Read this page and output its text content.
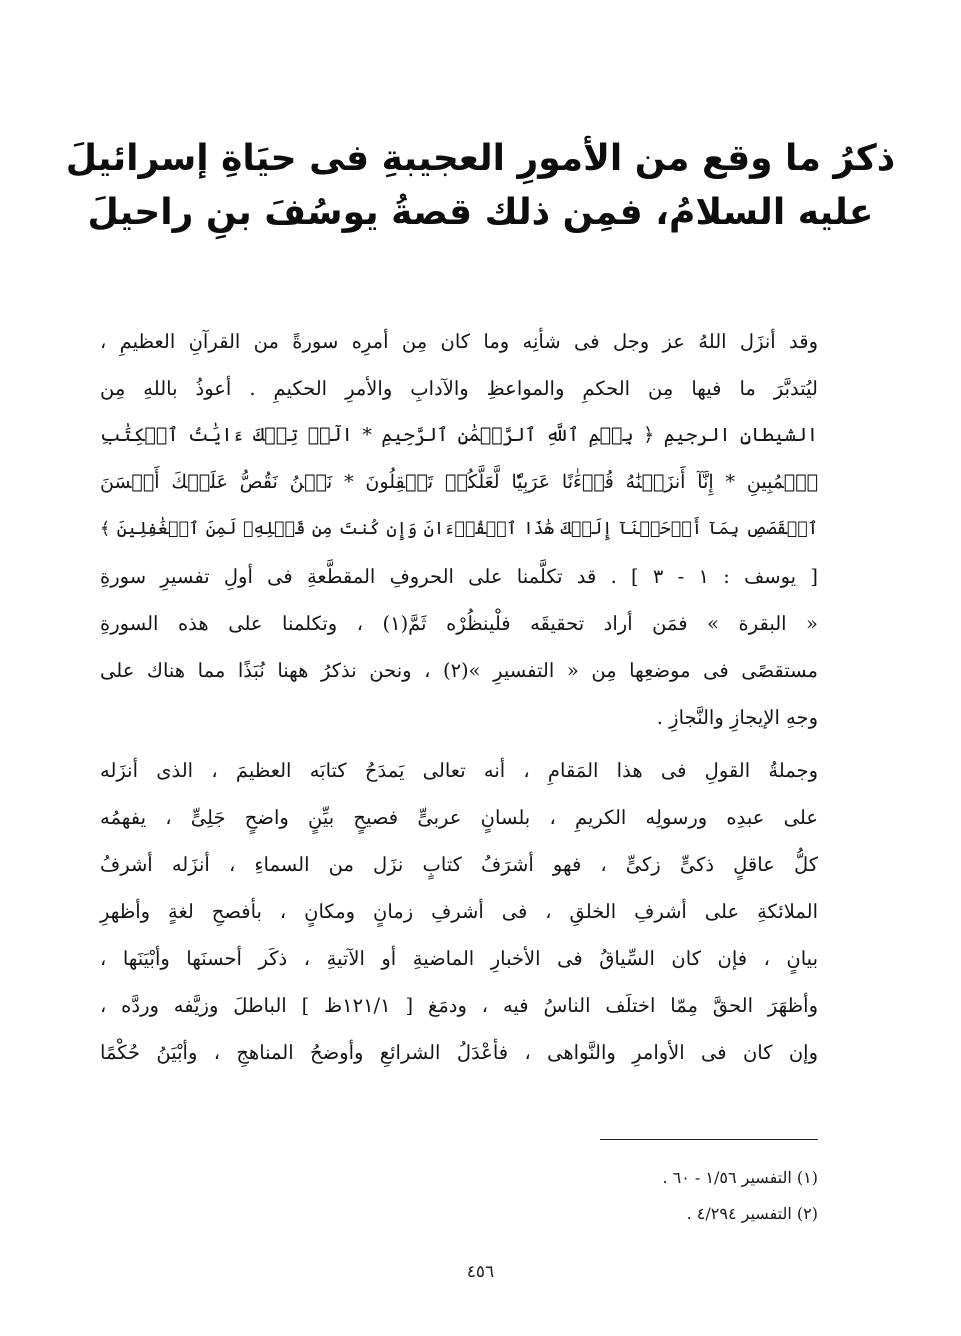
ذكرُ ما وقع من الأمورِ العجيبةِ فى حيَاةِ إسرائيلَ
عليه السلامُ، فمِن ذلك قصةُ يوسُفَ بنِ راحيلَ
وقد أنزَل اللهُ عز وجل فى شأنِه وما كان مِن أمرِه سورةً من القرآنِ العظيمِ ،
ليُتدبَّرَ ما فيها مِن الحكمِ والمواعظِ والآدابِ والأمرِ الحكيمِ . أعوذُ باللهِ مِن
الشيطانِ الرجيمِ ﴿ بِسۡمِ ٱللَّهِ ٱلرَّحۡمَٰنِ ٱلرَّحِيمِ * الٓرۚ تِلۡكَ ءَايَٰتُ ٱلۡكِتَٰبِ
ٱلۡمُبِينِ * إِنَّآ أَنزَلۡنَٰهُ قُرۡءَٰنًا عَرَبِيّٗا لَّعَلَّكُمۡ تَعۡقِلُونَ * نَحۡنُ نَقُصُّ عَلَيۡكَ أَحۡسَنَ
ٱلۡقَصَصِ بِمَآ أَوۡحَيۡنَآ إِلَيۡكَ هَٰذَا ٱلۡقُرۡءَانَ وَإِن كُنتَ مِن قَبۡلِهِۦ لَمِنَ ٱلۡغَٰفِلِينَ ﴾
[ يوسف : ١ - ٣ ] . قد تكلَّمنا على الحروفِ المقطَّعةِ فى أولِ تفسيرِ سورةِ
« البقرة » فمَن أراد تحقيقَه فلْينظُرْه ثَمَّ(١) ، وتكلمنا على هذه السورةِ
مستقصًى فى موضعِها مِن « التفسيرِ »(٢) ، ونحن نذكرُ ههنا نُبَذًا مما هناك على
وجهِ الإيجازِ والنَّجازِ .
وجملةُ القولِ فى هذا المَقامِ ، أنه تعالى يَمدَحُ كتابَه العظيمَ ، الذى أنزَله
على عبدِه ورسولِه الكريمِ ، بلسانٍ عربىٍّ فصيحٍ بيِّنٍ واضحٍ جَلِىٍّ ، يفهمُه
كلُّ عاقلٍ ذكىٍّ زكىٍّ ، فهو أشرَفُ كتابٍ نزَل من السماءِ ، أنزَله أشرفُ
الملائكةِ على أشرفِ الخلقِ ، فى أشرفِ زمانٍ ومكانٍ ، بأفصحِ لغةٍ وأظهرِ
بيانٍ ، فإن كان السِّياقُ فى الأخبارِ الماضيةِ أو الآتيةِ ، ذكَر أحسنَها وأبْيَنَها ،
وأظهَرَ الحقَّ مِمّا اختلَف الناسُ فيه ، ودمَغ [ ١٢١/١ظ ] الباطلَ وزيَّفه وردَّه ،
وإن كان فى الأوامرِ والنَّواهى ، فأعْدَلُ الشرائعِ وأوضحُ المناهجِ ، وأبْيَنُ حُكْمًا
(١) التفسير ١/٥٦ - ٦٠ .
(٢) التفسير ٤/٢٩٤ .
٤٥٦
